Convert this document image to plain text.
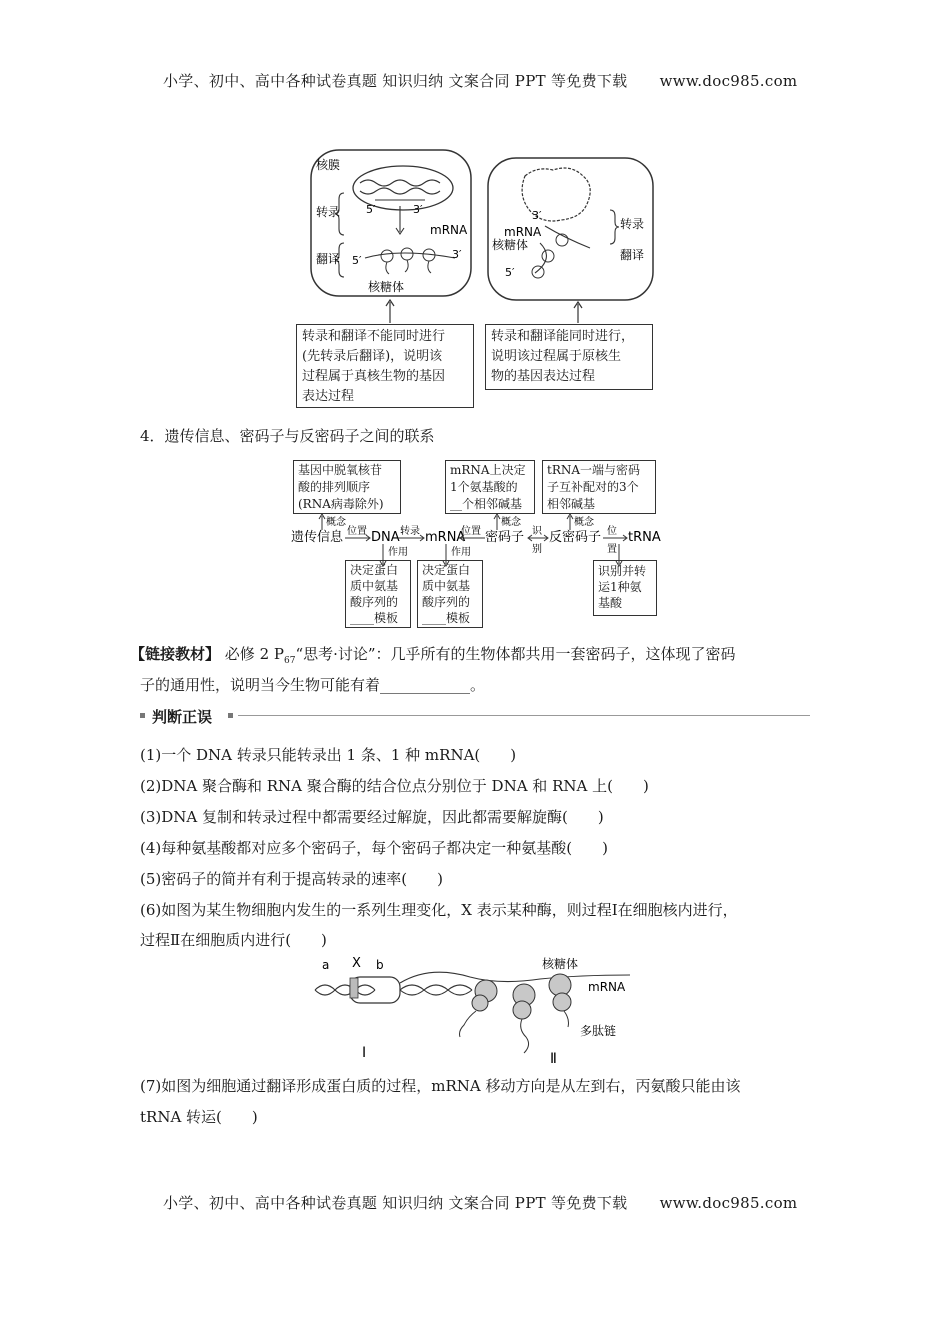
小学、初中、高中各种试卷真题 知识归纳 文案合同 PPT 等免费下载 www.doc985.com
核膜
转录
翻译
5′	3′
mRNA
5′	3′
核糖体
3′
mRNA
核糖体
5′
转录
翻译
转录和翻译不能同时进行
(先转录后翻译)，说明该
过程属于真核生物的基因
表达过程
转录和翻译能同时进行，
说明该过程属于原核生
物的基因表达过程
4．遗传信息、密码子与反密码子之间的联系
基因中脱氧核苷
酸的排列顺序
(RNA病毒除外)
mRNA上决定
1个氨基酸的
__个相邻碱基
tRNA一端与密码
子互补配对的3个
相邻碱基
概念	概念	概念
遗传信息 位置 DNA 转录 mRNA
位置 密码子 识
别
反密码子 位
置
tRNA
作用	作用
决定蛋白
质中氨基
酸序列的
____模板
决定蛋白
质中氨基
酸序列的
____模板
识别并转
运1种氨
基酸
【链接教材】 必修 2 $P_{67}“$思考·讨论”：几乎所有的生物体都共用一套密码子，这体现了密码
子的通用性，说明当今生物可能有着____________。
判断正误
(1)一个 DNA 转录只能转录出 1 条、1 种 mRNA(　　)
(2)DNA 聚合酶和 RNA 聚合酶的结合位点分别位于 DNA 和 RNA 上(　　)
(3)DNA 复制和转录过程中都需要经过解旋，因此都需要解旋酶(　　)
(4)每种氨基酸都对应多个密码子，每个密码子都决定一种氨基酸(　　)
(5)密码子的简并有利于提高转录的速率(　　)
(6)如图为某生物细胞内发生的一系列生理变化，X 表示某种酶，则过程Ⅰ在细胞核内进行，
过程Ⅱ在细胞质内进行(　　)
a X b	核糖体
mRNA
多肽链
Ⅰ	Ⅱ
(7)如图为细胞通过翻译形成蛋白质的过程，mRNA 移动方向是从左到右，丙氨酸只能由该
tRNA 转运(　　)
小学、初中、高中各种试卷真题 知识归纳 文案合同 PPT 等免费下载 www.doc985.com
